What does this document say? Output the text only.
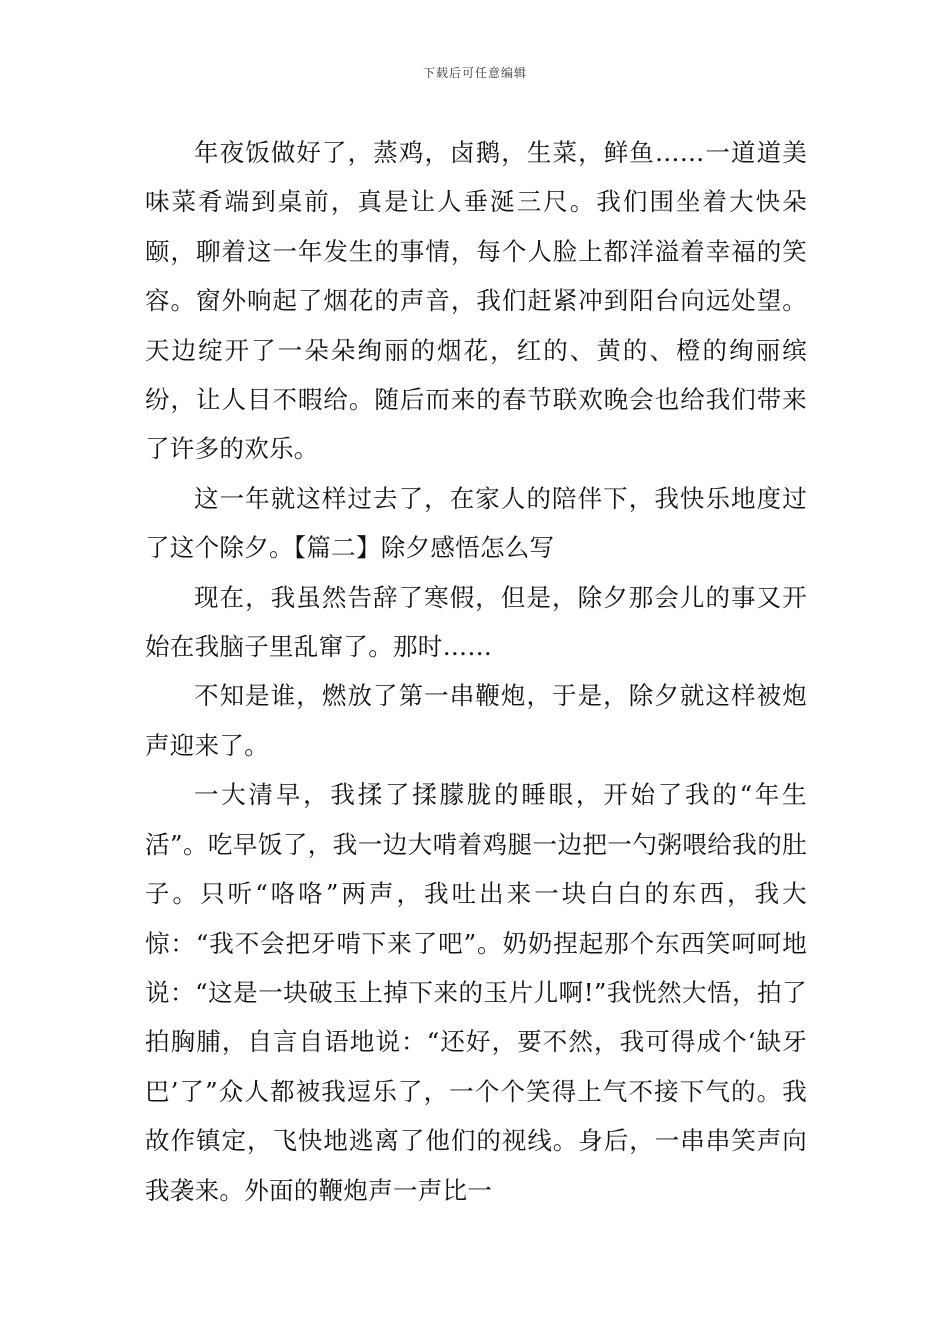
下载后可任意编辑

年夜饭做好了，蒸鸡，卤鹅，生菜，鲜鱼……一道道美味菜肴端到桌前，真是让人垂涎三尺。我们围坐着大快朵颐，聊着这一年发生的事情，每个人脸上都洋溢着幸福的笑容。窗外响起了烟花的声音，我们赶紧冲到阳台向远处望。天边绽开了一朵朵绚丽的烟花，红的、黄的、橙的绚丽缤纷，让人目不暇给。随后而来的春节联欢晚会也给我们带来了许多的欢乐。

这一年就这样过去了，在家人的陪伴下，我快乐地度过了这个除夕。【篇二】除夕感悟怎么写

现在，我虽然告辞了寒假，但是，除夕那会儿的事又开始在我脑子里乱窜了。那时……

不知是谁，燃放了第一串鞭炮，于是，除夕就这样被炮声迎来了。

一大清早，我揉了揉朦胧的睡眼，开始了我的“年生活”。吃早饭了，我一边大啃着鸡腿一边把一勺粥喂给我的肚子。只听“咯咯”两声，我吐出来一块白白的东西，我大惊：“我不会把牙啃下来了吧”。奶奶捏起那个东西笑呵呵地说：“这是一块破玉上掉下来的玉片儿啊!”我恍然大悟，拍了拍胸脯，自言自语地说：“还好，要不然，我可得成个‘缺牙巴’了”众人都被我逗乐了，一个个笑得上气不接下气的。我故作镇定，飞快地逃离了他们的视线。身后，一串串笑声向我袭来。外面的鞭炮声一声比一
